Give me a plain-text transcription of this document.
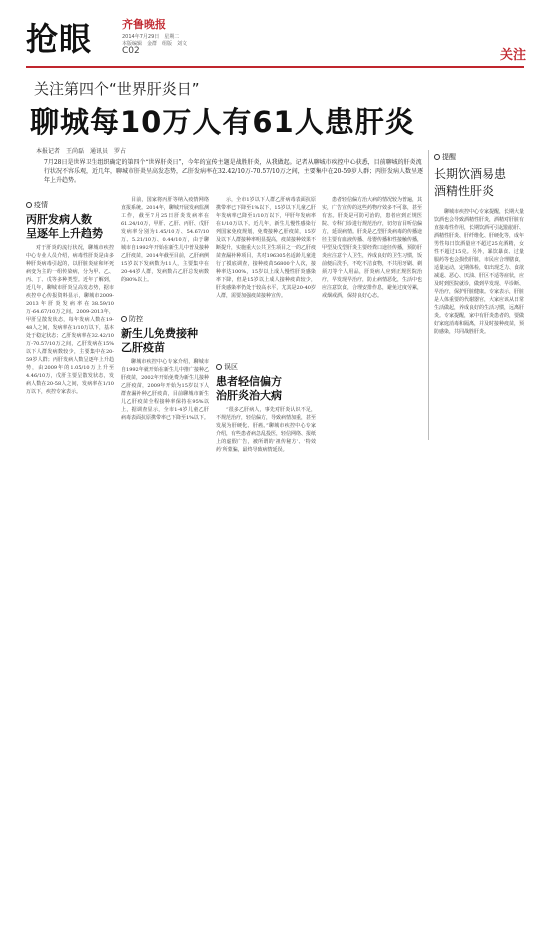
抢眼	齐鲁晚报
2014年7月29日　星期二
本版编辑　金群　组版　刘文
C02	关注
关注第四个“世界肝炎日”
聊城每10万人有61人患肝炎
本报记者　王尚磊　通讯员　罗占
7月28日是世界卫生组织确定的第四个“世界肝炎日”，今年的宣传主题是战胜肝炎，从我做起。记者从聊城市疾控中心获悉，目前聊城的肝炎流行状况不容乐观，近几年，聊城市肝炎呈高发态势，乙肝发病率在32.42/10万-70.57/10万之间，主要集中在20-59岁人群；丙肝发病人数呈逐年上升趋势。
疫情
丙肝发病人数
呈逐年上升趋势

对于肝炎的流行状况，聊城市疾控中心专业人员介绍，病毒性肝炎是由多种肝炎病毒引起的，以肝脏炎症和坏死病变为主的一组传染病，分为甲、乙、丙、丁、戊等多种类型。近年了解到，近几年，聊城市肝炎呈高发态势，据市疾控中心传报资料显示，聊城市2009-2013年肝炎发病率在38.59/10万-64.67/10万之间。2009-2013年，甲肝呈散发状态，每年发病人数在19-48人之间，发病率在1/10万以下，基本处于稳定状态；乙肝发病率在32.42/10万-70.57/10万之间，乙肝发病在15%以下人群发病数较少，主要集中在20-59岁人群；丙肝发病人数呈逐年上升趋势，由2009年的1.05/10万上升至4.46/10万，戊肝主要呈散发状态，发病人数在20-58人之间，发病率在1/10万以下，疾控专家表示。

目前，国家将丙肝等纳入疫情网络直报系统。2014年，聊城开展发病监测工作，截至7月25日肝炎发病率在61.24/10万，甲肝、乙肝、丙肝、戊肝发病率分别为1.45/10万、54.67/10万、5.21/10万、0.44/10万，由于聊城市自1992年开始在新生儿中普及接种乙肝疫苗，2014年截至目前，乙肝病例15岁以下发病数为11人，主要集中在20-44岁人群，发病数占乙肝总发病数的80%以上。

防控
新生儿免费接种
乙肝疫苗

聊城市疾控中心专家介绍，聊城市自1992年就开始在新生儿中推广接种乙肝疫苗，2002年开始免费为新生儿接种乙肝疫苗，2009年开始为15岁以下人群查漏补种乙肝疫苗，目前聊城市新生儿乙肝疫苗全程接种率保持在95%以上，据调查显示，全市1-4岁儿童乙肝病毒表面抗原携带率已下降至1%以下。

示，全市1岁以下人群乙肝病毒表面抗原携带率已下降至1%以下，15岁以下儿童乙肝年发病率已降至1/10万以下，甲肝年发病率在1/10万以下。近几年，新生儿慢性感染行列国家免疫规划，免费接种乙肝疫苗，15岁及以下人群接种率明显提高，疫苗接种效果不断提升，实施重大公共卫生项目之一的乙肝疫苗查漏补种项目，共对196305名适龄儿童进行了摸底调查，接种疫苗56800个人次，接种率达100%，15岁以上成人慢性肝炎感染率下降，但是15岁以上成人接种疫苗较少，肝炎感染率仍处于较高水平，尤其是20-40岁人群，需要加强疫苗接种宣传。

误区
患者轻信偏方
治肝炎治大病

“很多乙肝病人，事先对肝炎认识不足，不规范治疗，轻信偏方，导致病情加重，甚至发展为肝硬化、肝癌。”聊城市疾控中心专家介绍，有些患者病急乱投医，轻信网络、报纸上的虚假广告，被所谓的‘祖传秘方’、‘特效药’所蒙骗，最终导致病情延误。

患者轻信偏方治大病的情况较为普遍，其实，广告宣传的这些药物疗效多不可靠，甚至有害。肝炎是可防可治的，患者应到正规医院、专科门诊进行规范治疗，切勿盲目听信偏方，延误病情。肝炎是乙型肝炎病毒的传播途径主要有血液传播、母婴传播和性接触传播，甲型及戊型肝炎主要经粪口途径传播，预防肝炎应注意个人卫生，养成良好的卫生习惯，饭前便后洗手，不吃不洁食物，不共用牙刷、剃须刀等个人用品，肝炎病人应到正规医院治疗，早发现早治疗，防止病情恶化，生活中也应注意饮食，合理安排作息，避免过度劳累，戒烟戒酒，保持良好心态。

提醒
长期饮酒易患
酒精性肝炎

聊城市疾控中心专家提醒，长期大量饮酒也会导致酒精性肝炎，酒精对肝脏有直接毒性作用，长期饮酒可引起脂肪肝、酒精性肝炎、肝纤维化、肝硬化等，成年男性每日饮酒量应不超过25克酒精，女性不超过15克。另外，暴饮暴食、过量服药等也会损伤肝脏，市民应合理膳食，适量运动，定期体检，如出现乏力、食欲减退、恶心、厌油、肝区不适等症状，应及时到医院就诊，做到早发现、早诊断、早治疗，保护肝脏健康。专家表示，肝脏是人体重要的代谢器官，大家应该从日常生活做起，养成良好的生活习惯，远离肝炎。专家提醒，家中有肝炎患者的，要做好家庭消毒和隔离，并及时接种疫苗，预防感染，共同战胜肝炎。
